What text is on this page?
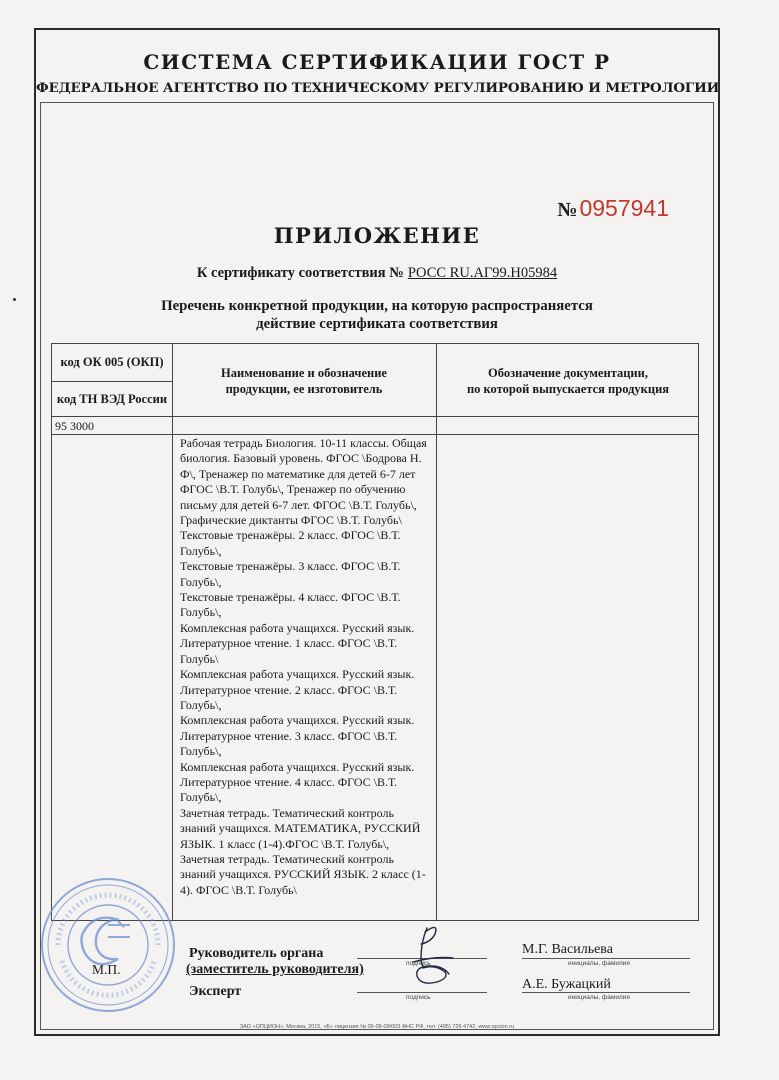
СИСТЕМА СЕРТИФИКАЦИИ ГОСТ Р
ФЕДЕРАЛЬНОЕ АГЕНТСТВО ПО ТЕХНИЧЕСКОМУ РЕГУЛИРОВАНИЮ И МЕТРОЛОГИИ
№0957941
ПРИЛОЖЕНИЕ
К сертификату соответствия № РОСС RU.АГ99.Н05984
Перечень конкретной продукции, на которую распространяется
действие сертификата соответствия
код ОК 005 (ОКП)
код ТН ВЭД России
Наименование и обозначение
продукции, ее изготовитель
Обозначение документации,
по которой выпускается продукция
95 3000

Рабочая тетрадь Биология. 10-11 классы. Общая биология. Базовый уровень. ФГОС \Бодрова Н. Ф\, Тренажер по математике для детей 6-7 лет ФГОС \В.Т. Голубь\, Тренажер по обучению письму для детей 6-7 лет. ФГОС \В.Т. Голубь\, Графические диктанты ФГОС \В.Т. Голубь\

Текстовые тренажёры. 2 класс. ФГОС \В.Т. Голубь\,

Текстовые тренажёры. 3 класс. ФГОС \В.Т. Голубь\,

Текстовые тренажёры. 4 класс. ФГОС \В.Т. Голубь\,

Комплексная работа учащихся. Русский язык. Литературное чтение. 1 класс. ФГОС \В.Т. Голубь\

Комплексная работа учащихся. Русский язык. Литературное чтение. 2 класс. ФГОС \В.Т. Голубь\,

Комплексная работа учащихся. Русский язык. Литературное чтение. 3 класс. ФГОС \В.Т. Голубь\,

Комплексная работа учащихся. Русский язык. Литературное чтение. 4 класс. ФГОС \В.Т. Голубь\,

Зачетная тетрадь. Тематический контроль знаний учащихся. МАТЕМАТИКА, РУССКИЙ ЯЗЫК. 1 класс (1-4).ФГОС \В.Т. Голубь\,

Зачетная тетрадь. Тематический контроль знаний учащихся. РУССКИЙ ЯЗЫК. 2 класс (1-4). ФГОС \В.Т. Голубь\

ЗАО «ОПЦИОН», Москва, 2015, «Б» лицензия № 05-05-09/003 ФНС РФ, тел. (495) 726 4742, www.opcion.ru
М.П.
Руководитель органа
(заместитель руководителя)
Эксперт
подпись
подпись
инициалы, фамилия
инициалы, фамилия
М.Г. Васильева
А.Е. Бужацкий
